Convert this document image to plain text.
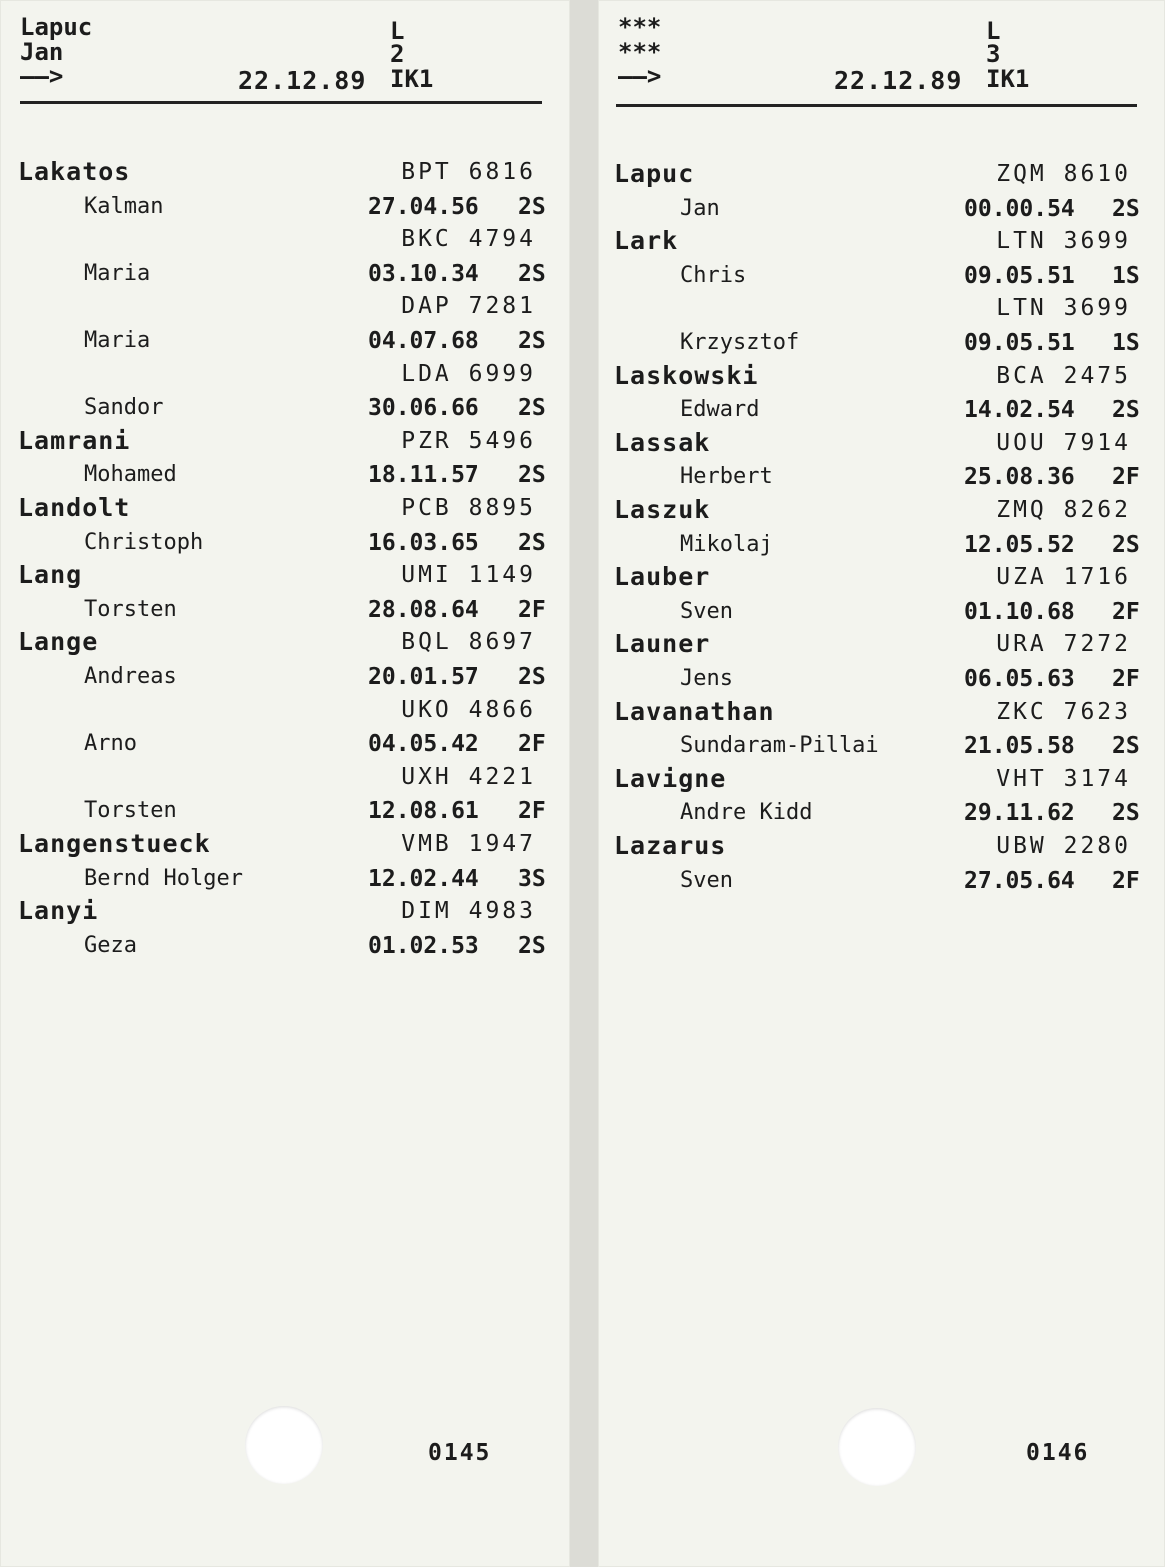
Lapuc
Jan
——>	22.12.89
L
2
IK1
Lakatos	BPT 6816
Kalman	27.04.56 2S
BKC 4794
Maria	03.10.34 2S
DAP 7281
Maria	04.07.68 2S
LDA 6999
Sandor	30.06.66 2S
Lamrani	PZR 5496
Mohamed	18.11.57 2S
Landolt	PCB 8895
Christoph	16.03.65 2S
Lang	UMI 1149
Torsten	28.08.64 2F
Lange	BQL 8697
Andreas	20.01.57 2S
UKO 4866
Arno	04.05.42 2F
UXH 4221
Torsten	12.08.61 2F
Langenstueck	VMB 1947
Bernd Holger	12.02.44 3S
Lanyi	DIM 4983
Geza	01.02.53 2S
0145
***
***
——>	22.12.89
L
3
IK1
Lapuc	ZQM 8610
Jan	00.00.54 2S
Lark	LTN 3699
Chris	09.05.51 1S
LTN 3699
Krzysztof	09.05.51 1S
Laskowski	BCA 2475
Edward	14.02.54 2S
Lassak	UOU 7914
Herbert	25.08.36 2F
Laszuk	ZMQ 8262
Mikolaj	12.05.52 2S
Lauber	UZA 1716
Sven	01.10.68 2F
Launer	URA 7272
Jens	06.05.63 2F
Lavanathan	ZKC 7623
Sundaram-Pillai	21.05.58 2S
Lavigne	VHT 3174
Andre Kidd	29.11.62 2S
Lazarus	UBW 2280
Sven	27.05.64 2F
0146
